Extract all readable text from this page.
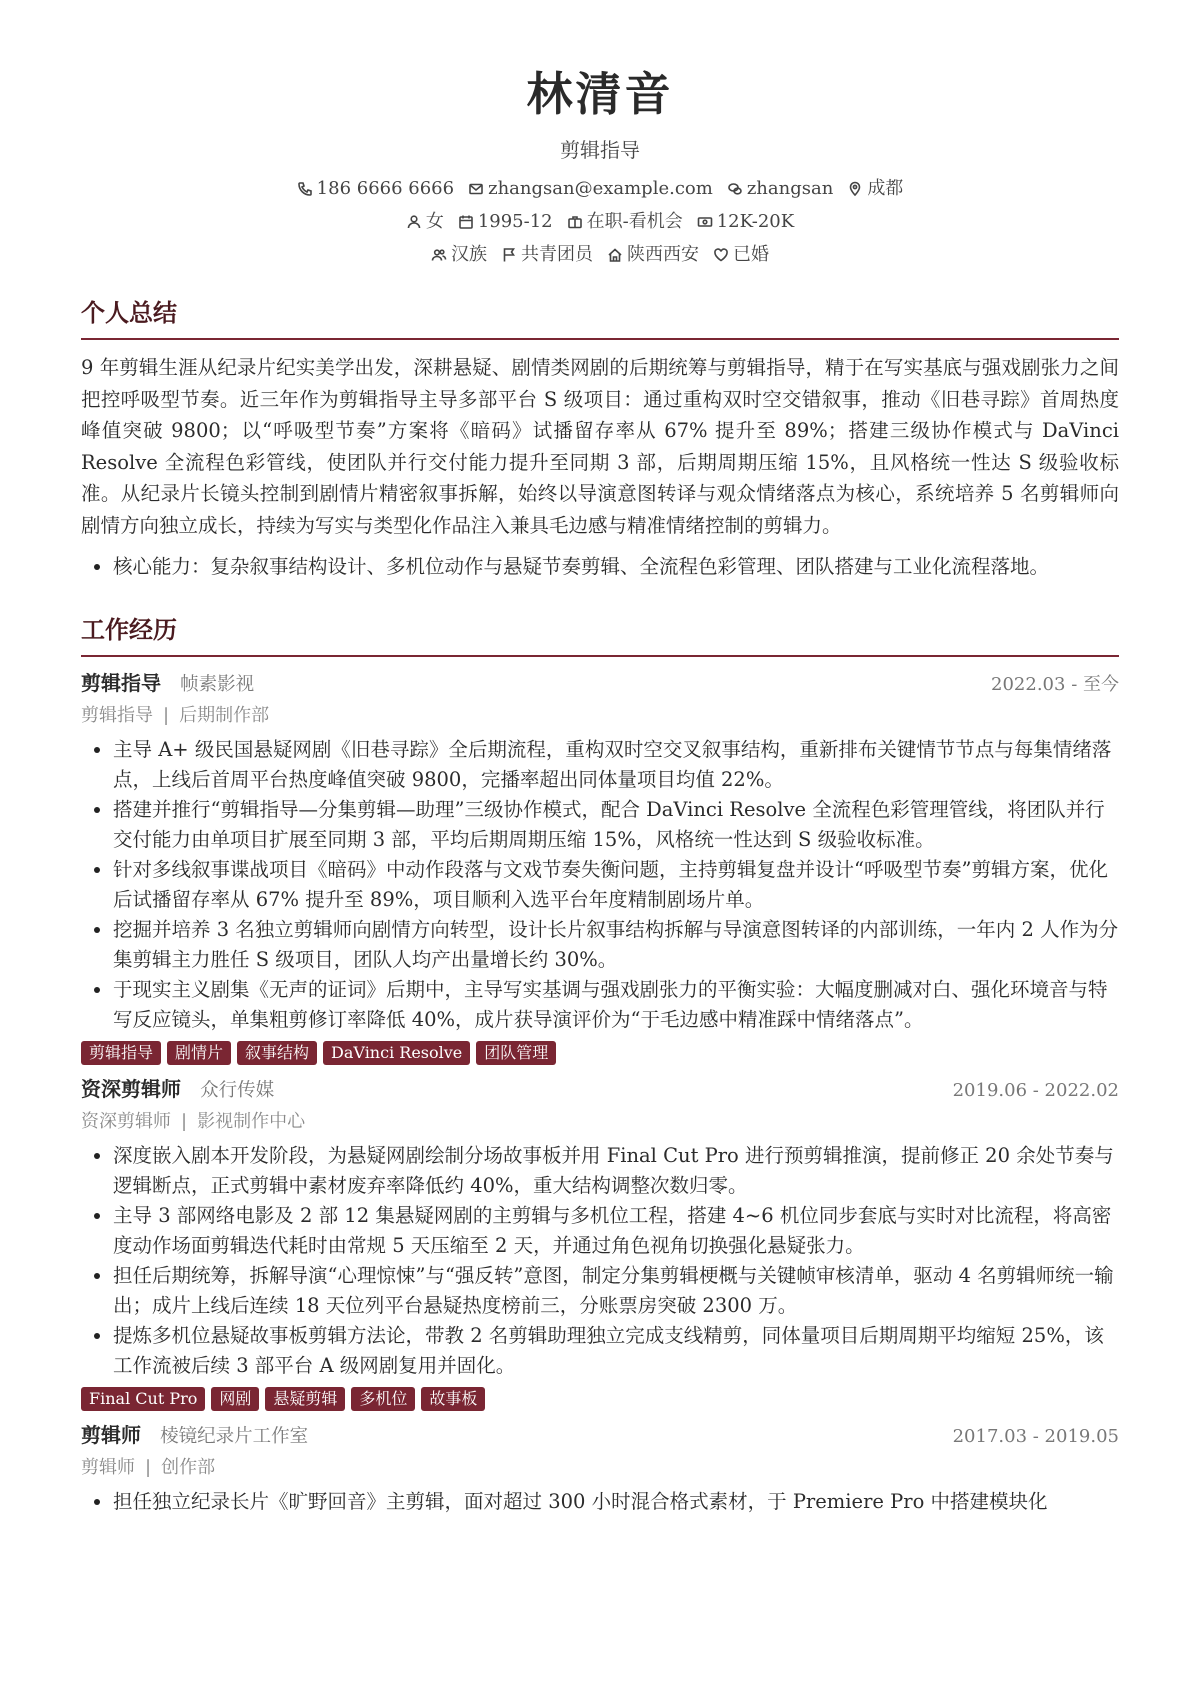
林清音
剪辑指导
186 6666 6666 zhangsan@example.com zhangsan 成都
女 1995-12 在职-看机会 12K-20K
汉族 共青团员 陕西西安 已婚
个人总结

9 年剪辑生涯从纪录片纪实美学出发，深耕悬疑、剧情类网剧的后期统筹与剪辑指导，精于在写实基底与强戏剧张力之间把控呼吸型节奏。近三年作为剪辑指导主导多部平台 S 级项目：通过重构双时空交错叙事，推动《旧巷寻踪》首周热度峰值突破 9800；以“呼吸型节奏”方案将《暗码》试播留存率从 67% 提升至 89%；搭建三级协作模式与 DaVinci Resolve 全流程色彩管线，使团队并行交付能力提升至同期 3 部，后期周期压缩 15%，且风格统一性达 S 级验收标准。从纪录片长镜头控制到剧情片精密叙事拆解，始终以导演意图转译与观众情绪落点为核心，系统培养 5 名剪辑师向剧情方向独立成长，持续为写实与类型化作品注入兼具毛边感与精准情绪控制的剪辑力。

• 核心能力：复杂叙事结构设计、多机位动作与悬疑节奏剪辑、全流程色彩管理、团队搭建与工业化流程落地。
工作经历
剪辑指导 帧素影视	2022.03 - 至今
剪辑指导 | 后期制作部
• 主导 A+ 级民国悬疑网剧《旧巷寻踪》全后期流程，重构双时空交叉叙事结构，重新排布关键情节节点与每集情绪落点，上线后首周平台热度峰值突破 9800，完播率超出同体量项目均值 22%。
• 搭建并推行“剪辑指导—分集剪辑—助理”三级协作模式，配合 DaVinci Resolve 全流程色彩管理管线，将团队并行交付能力由单项目扩展至同期 3 部，平均后期周期压缩 15%，风格统一性达到 S 级验收标准。
• 针对多线叙事谍战项目《暗码》中动作段落与文戏节奏失衡问题，主持剪辑复盘并设计“呼吸型节奏”剪辑方案，优化后试播留存率从 67% 提升至 89%，项目顺利入选平台年度精制剧场片单。
• 挖掘并培养 3 名独立剪辑师向剧情方向转型，设计长片叙事结构拆解与导演意图转译的内部训练，一年内 2 人作为分集剪辑主力胜任 S 级项目，团队人均产出量增长约 30%。
• 于现实主义剧集《无声的证词》后期中，主导写实基调与强戏剧张力的平衡实验：大幅度删减对白、强化环境音与特写反应镜头，单集粗剪修订率降低 40%，成片获导演评价为“于毛边感中精准踩中情绪落点”。
剪辑指导	剧情片	叙事结构	DaVinci Resolve	团队管理
资深剪辑师 众行传媒	2019.06 - 2022.02
资深剪辑师 | 影视制作中心
• 深度嵌入剧本开发阶段，为悬疑网剧绘制分场故事板并用 Final Cut Pro 进行预剪辑推演，提前修正 20 余处节奏与逻辑断点，正式剪辑中素材废弃率降低约 40%，重大结构调整次数归零。
• 主导 3 部网络电影及 2 部 12 集悬疑网剧的主剪辑与多机位工程，搭建 4~6 机位同步套底与实时对比流程，将高密度动作场面剪辑迭代耗时由常规 5 天压缩至 2 天，并通过角色视角切换强化悬疑张力。
• 担任后期统筹，拆解导演“心理惊悚”与“强反转”意图，制定分集剪辑梗概与关键帧审核清单，驱动 4 名剪辑师统一输出；成片上线后连续 18 天位列平台悬疑热度榜前三，分账票房突破 2300 万。
• 提炼多机位悬疑故事板剪辑方法论，带教 2 名剪辑助理独立完成支线精剪，同体量项目后期周期平均缩短 25%，该工作流被后续 3 部平台 A 级网剧复用并固化。
Final Cut Pro	网剧	悬疑剪辑	多机位	故事板
剪辑师 棱镜纪录片工作室	2017.03 - 2019.05
剪辑师 | 创作部
• 担任独立纪录长片《旷野回音》主剪辑，面对超过 300 小时混合格式素材，于 Premiere Pro 中搭建模块化
